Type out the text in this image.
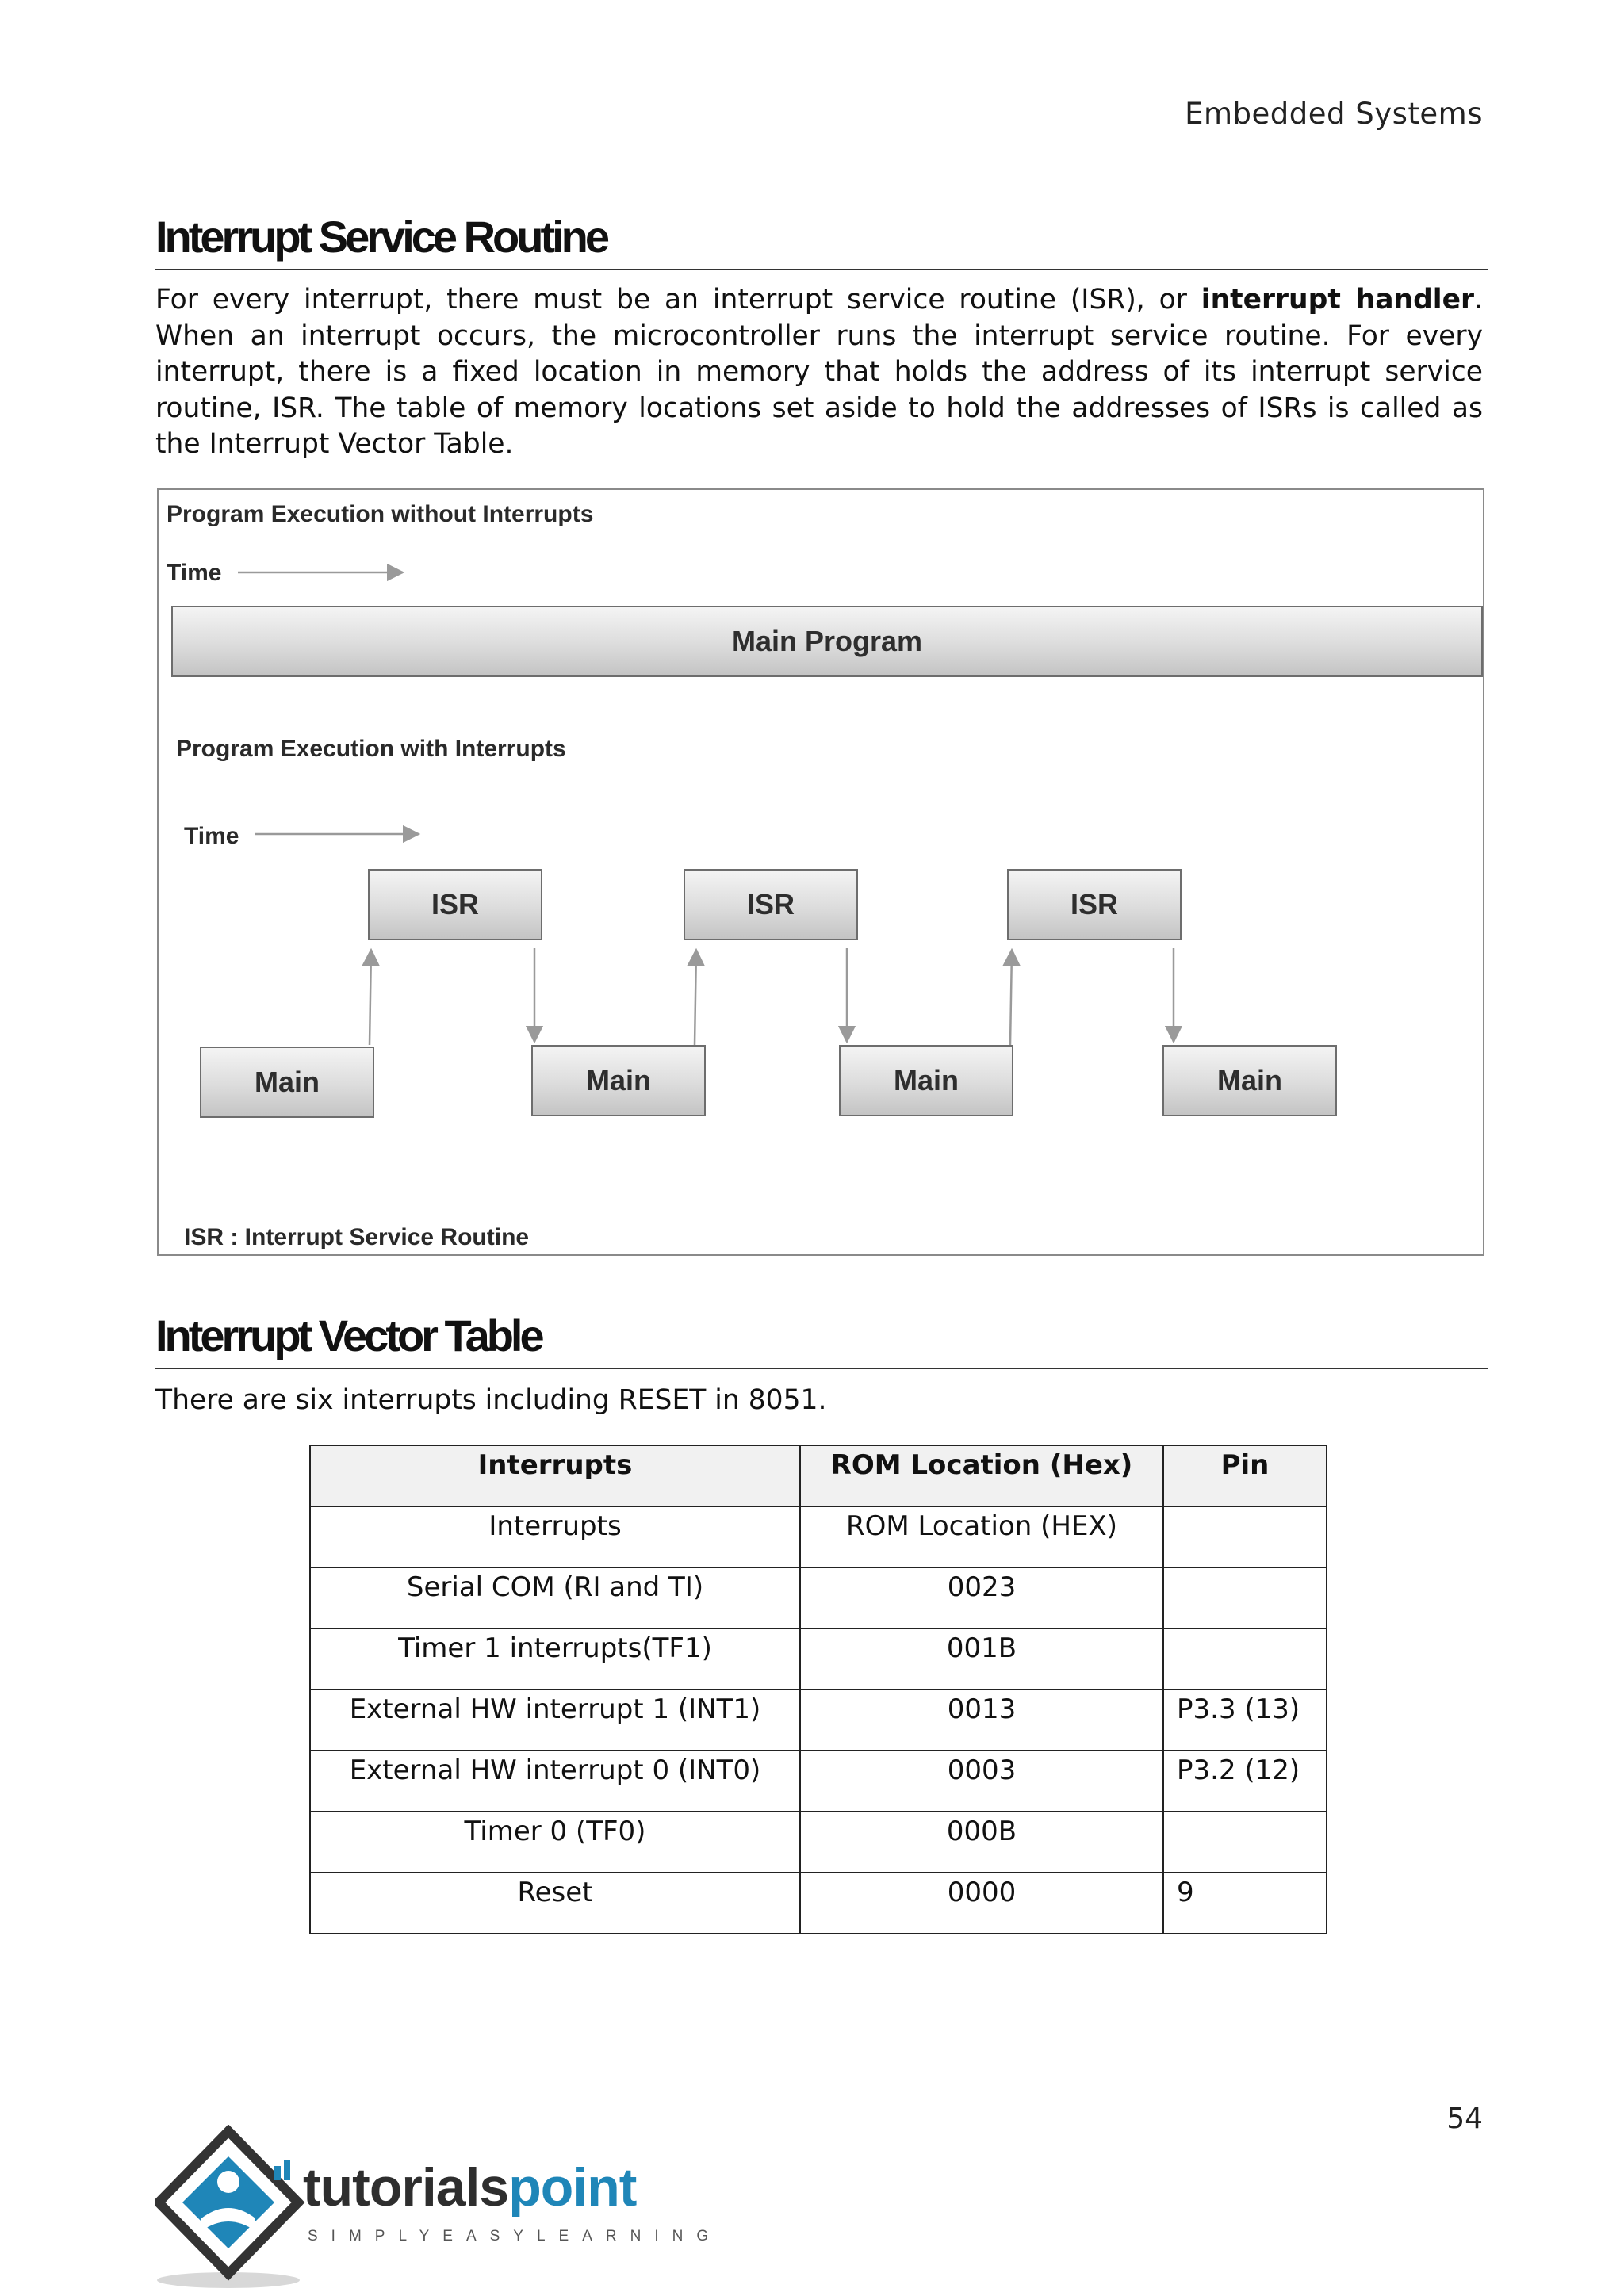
Embedded Systems
Interrupt Service Routine
For every interrupt, there must be an interrupt service routine (ISR), or interrupt handler. When an interrupt occurs, the microcontroller runs the interrupt service routine. For every interrupt, there is a fixed location in memory that holds the address of its interrupt service routine, ISR. The table of memory locations set aside to hold the addresses of ISRs is called as the Interrupt Vector Table.
Program Execution without Interrupts
Time
Main Program
Program Execution with Interrupts
Time
ISR	ISR	ISR
Main	Main	Main	Main
ISR : Interrupt Service Routine
Interrupt Vector Table
There are six interrupts including RESET in 8051.
Interrupts	ROM Location (Hex)	Pin
Interrupts	ROM Location (HEX)	
Serial COM (RI and TI)	0023	
Timer 1 interrupts(TF1)	001B	
External HW interrupt 1 (INT1)	0013	P3.3 (13)
External HW interrupt 0 (INT0)	0003	P3.2 (12)
Timer 0 (TF0)	000B	
Reset	0000	9
54
tutorialspoint
SIMPLYEASYLEARNING
